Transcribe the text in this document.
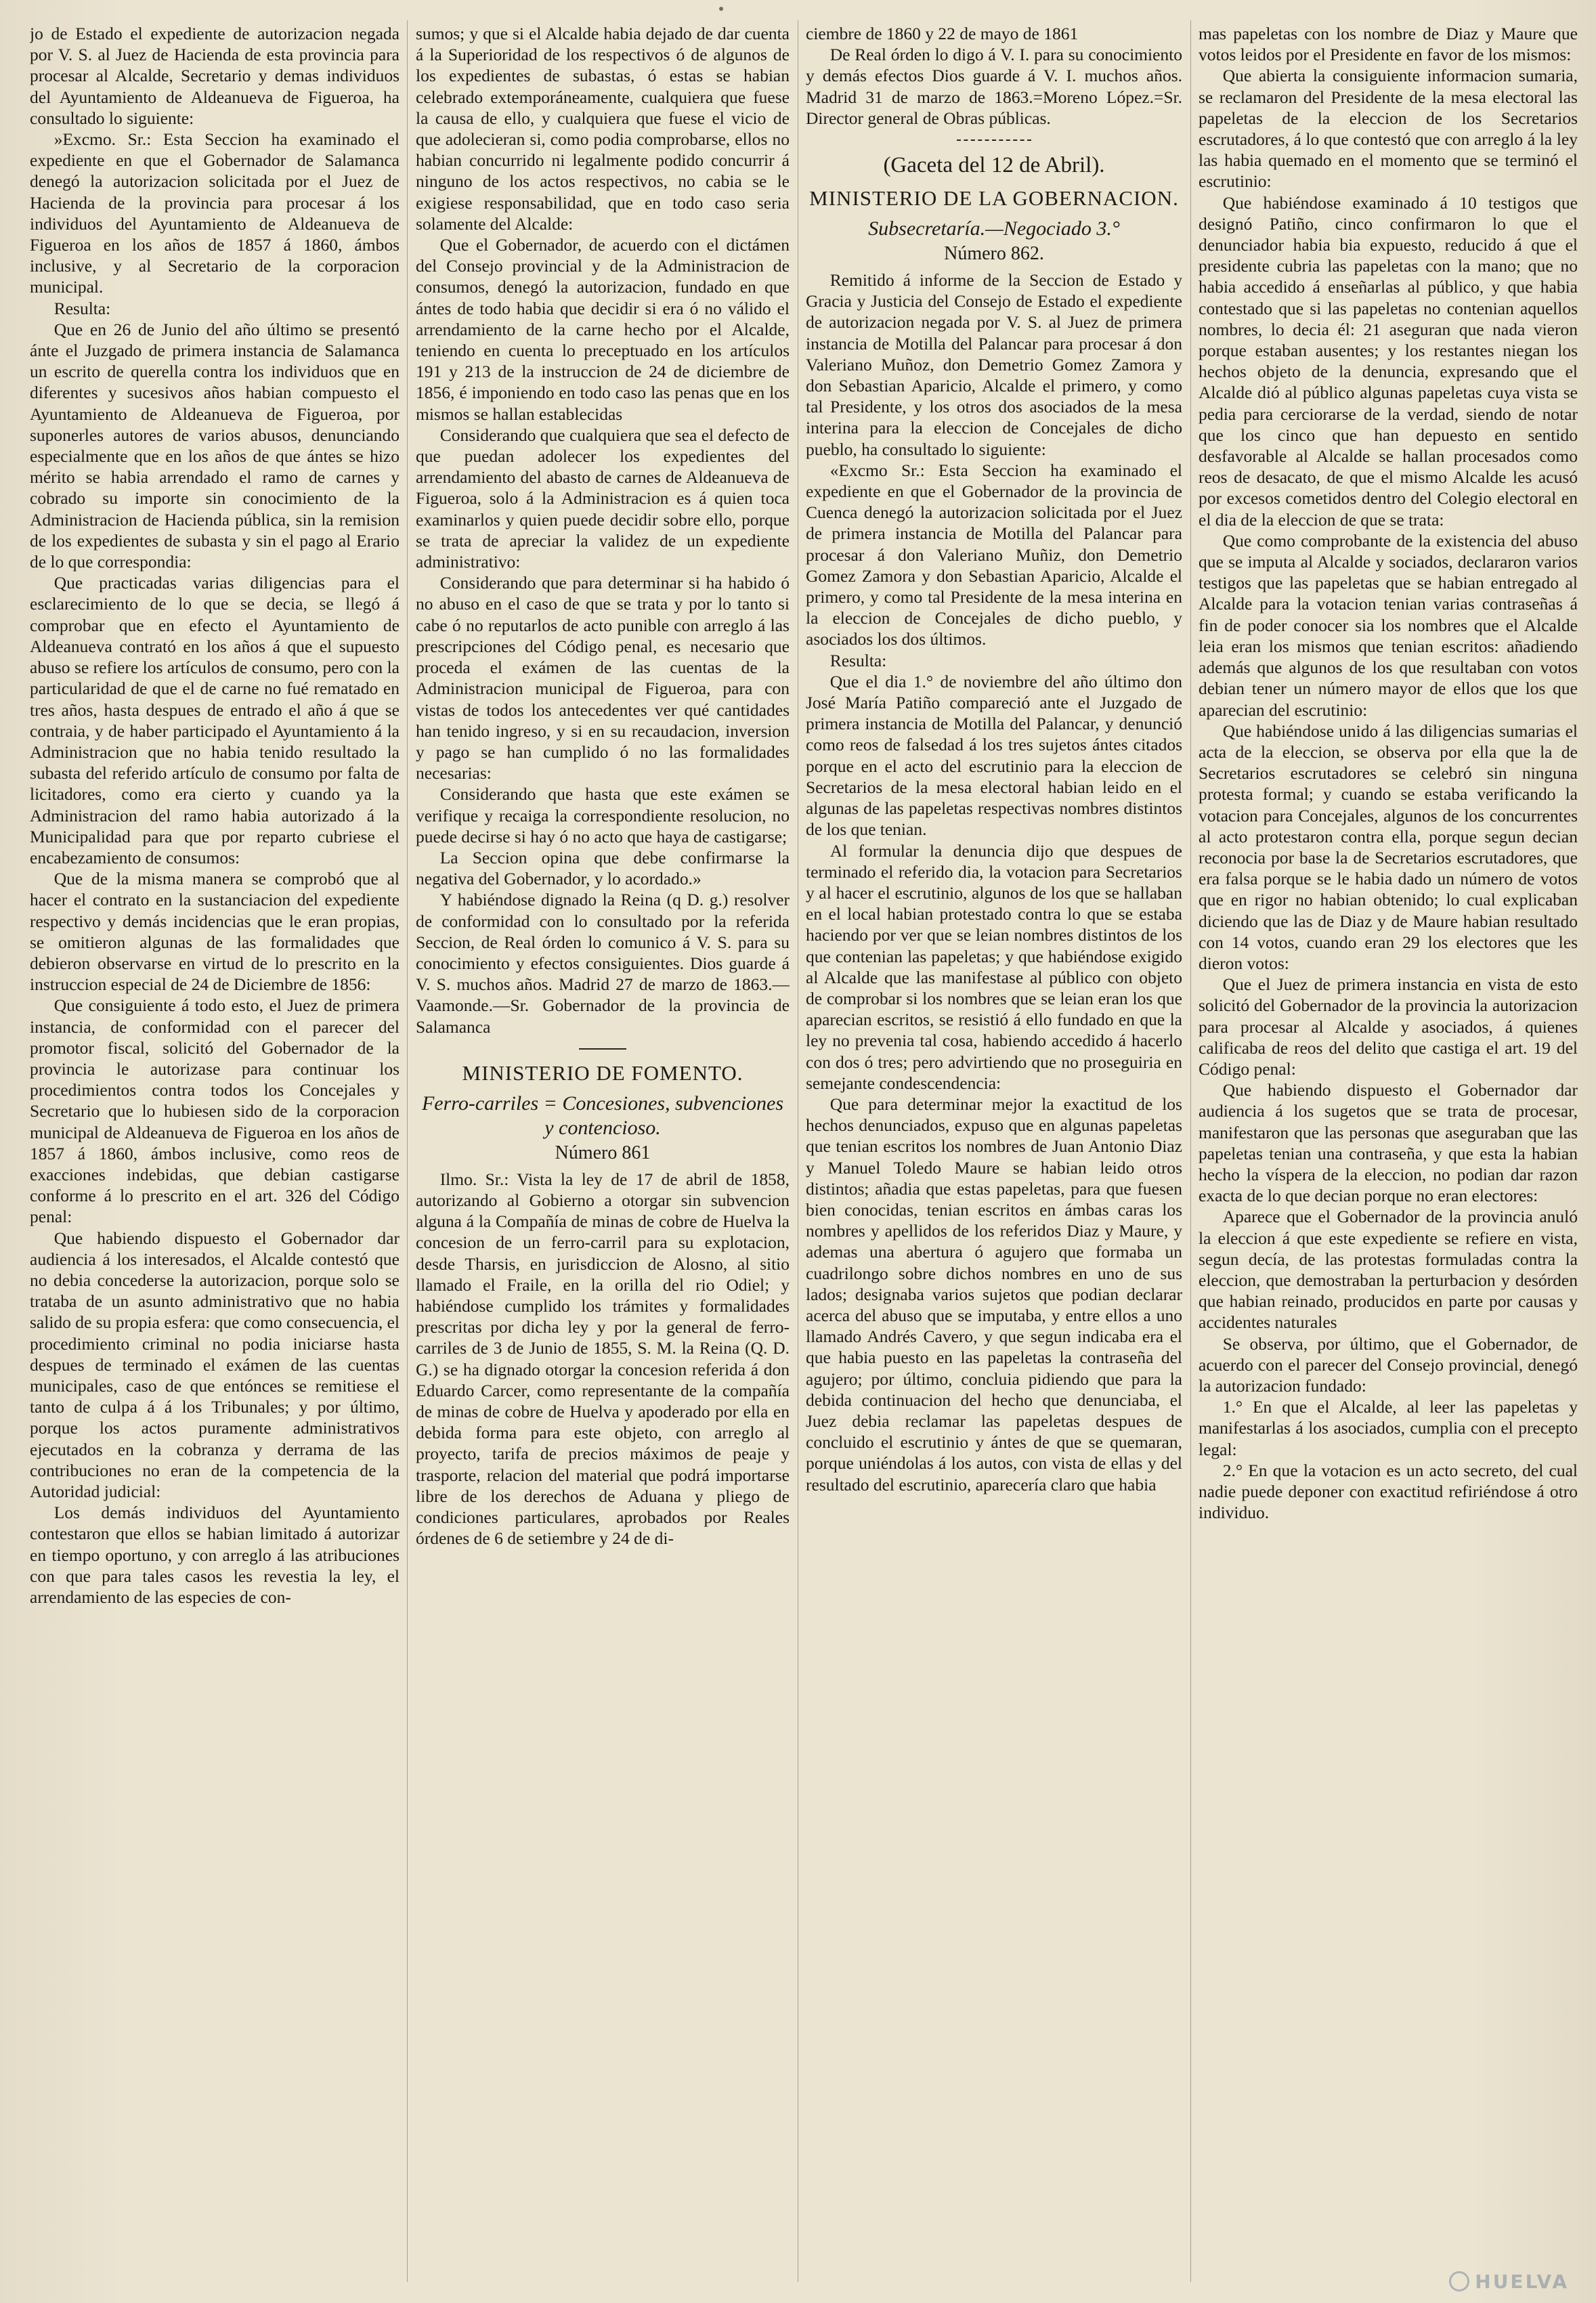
jo de Estado el expediente de autorizacion negada por V. S. al Juez de Hacienda de esta provincia para procesar al Alcalde, Secretario y demas individuos del Ayuntamiento de Aldeanueva de Figueroa, ha consultado lo siguiente:

»Excmo. Sr.: Esta Seccion ha examinado el expediente en que el Gobernador de Salamanca denegó la autorizacion solicitada por el Juez de Hacienda de la provincia para procesar á los individuos del Ayuntamiento de Aldeanueva de Figueroa en los años de 1857 á 1860, ámbos inclusive, y al Secretario de la corporacion municipal.

Resulta:

Que en 26 de Junio del año último se presentó ánte el Juzgado de primera instancia de Salamanca un escrito de querella contra los individuos que en diferentes y sucesivos años habian compuesto el Ayuntamiento de Aldeanueva de Figueroa, por suponerles autores de varios abusos, denunciando especialmente que en los años de que ántes se hizo mérito se habia arrendado el ramo de carnes y cobrado su importe sin conocimiento de la Administracion de Hacienda pública, sin la remision de los expedientes de subasta y sin el pago al Erario de lo que correspondia:

Que practicadas varias diligencias para el esclarecimiento de lo que se decia, se llegó á comprobar que en efecto el Ayuntamiento de Aldeanueva contrató en los años á que el supuesto abuso se refiere los artículos de consumo, pero con la particularidad de que el de carne no fué rematado en tres años, hasta despues de entrado el año á que se contraia, y de haber participado el Ayuntamiento á la Administracion que no habia tenido resultado la subasta del referido artículo de consumo por falta de licitadores, como era cierto y cuando ya la Administracion del ramo habia autorizado á la Municipalidad para que por reparto cubriese el encabezamiento de consumos:

Que de la misma manera se comprobó que al hacer el contrato en la sustanciacion del expediente respectivo y demás incidencias que le eran propias, se omitieron algunas de las formalidades que debieron observarse en virtud de lo prescrito en la instruccion especial de 24 de Diciembre de 1856:

Que consiguiente á todo esto, el Juez de primera instancia, de conformidad con el parecer del promotor fiscal, solicitó del Gobernador de la provincia le autorizase para continuar los procedimientos contra todos los Concejales y Secretario que lo hubiesen sido de la corporacion municipal de Aldeanueva de Figueroa en los años de 1857 á 1860, ámbos inclusive, como reos de exacciones indebidas, que debian castigarse conforme á lo prescrito en el art. 326 del Código penal:

Que habiendo dispuesto el Gobernador dar audiencia á los interesados, el Alcalde contestó que no debia concederse la autorizacion, porque solo se trataba de un asunto administrativo que no habia salido de su propia esfera: que como consecuencia, el procedimiento criminal no podia iniciarse hasta despues de terminado el exámen de las cuentas municipales, caso de que entónces se remitiese el tanto de culpa á á los Tribunales; y por último, porque los actos puramente administrativos ejecutados en la cobranza y derrama de las contribuciones no eran de la competencia de la Autoridad judicial:

Los demás individuos del Ayuntamiento contestaron que ellos se habian limitado á autorizar en tiempo oportuno, y con arreglo á las atribuciones con que para tales casos les revestia la ley, el arrendamiento de las especies de con-

sumos; y que si el Alcalde habia dejado de dar cuenta á la Superioridad de los respectivos ó de algunos de los expedientes de subastas, ó estas se habian celebrado extemporáneamente, cualquiera que fuese la causa de ello, y cualquiera que fuese el vicio de que adolecieran si, como podia comprobarse, ellos no habian concurrido ni legalmente podido concurrir á ninguno de los actos respectivos, no cabia se le exigiese responsabilidad, que en todo caso seria solamente del Alcalde:

Que el Gobernador, de acuerdo con el dictámen del Consejo provincial y de la Administracion de consumos, denegó la autorizacion, fundado en que ántes de todo habia que decidir si era ó no válido el arrendamiento de la carne hecho por el Alcalde, teniendo en cuenta lo preceptuado en los artículos 191 y 213 de la instruccion de 24 de diciembre de 1856, é imponiendo en todo caso las penas que en los mismos se hallan establecidas

Considerando que cualquiera que sea el defecto de que puedan adolecer los expedientes del arrendamiento del abasto de carnes de Aldeanueva de Figueroa, solo á la Administracion es á quien toca examinarlos y quien puede decidir sobre ello, porque se trata de apreciar la validez de un expediente administrativo:

Considerando que para determinar si ha habido ó no abuso en el caso de que se trata y por lo tanto si cabe ó no reputarlos de acto punible con arreglo á las prescripciones del Código penal, es necesario que proceda el exámen de las cuentas de la Administracion municipal de Figueroa, para con vistas de todos los antecedentes ver qué cantidades han tenido ingreso, y si en su recaudacion, inversion y pago se han cumplido ó no las formalidades necesarias:

Considerando que hasta que este exámen se verifique y recaiga la correspondiente resolucion, no puede decirse si hay ó no acto que haya de castigarse;

La Seccion opina que debe confirmarse la negativa del Gobernador, y lo acordado.»

Y habiéndose dignado la Reina (q D. g.) resolver de conformidad con lo consultado por la referida Seccion, de Real órden lo comunico á V. S. para su conocimiento y efectos consiguientes. Dios guarde á V. S. muchos años. Madrid 27 de marzo de 1863.—Vaamonde.—Sr. Gobernador de la provincia de Salamanca

MINISTERIO DE FOMENTO.

Ferro-carriles = Concesiones, subvenciones y contencioso.

Número 861

Ilmo. Sr.: Vista la ley de 17 de abril de 1858, autorizando al Gobierno a otorgar sin subvencion alguna á la Compañía de minas de cobre de Huelva la concesion de un ferro-carril para su explotacion, desde Tharsis, en jurisdiccion de Alosno, al sitio llamado el Fraile, en la orilla del rio Odiel; y habiéndose cumplido los trámites y formalidades prescritas por dicha ley y por la general de ferro-carriles de 3 de Junio de 1855, S. M. la Reina (Q. D. G.) se ha dignado otorgar la concesion referida á don Eduardo Carcer, como representante de la compañía de minas de cobre de Huelva y apoderado por ella en debida forma para este objeto, con arreglo al proyecto, tarifa de precios máximos de peaje y trasporte, relacion del material que podrá importarse libre de los derechos de Aduana y pliego de condiciones particulares, aprobados por Reales órdenes de 6 de setiembre y 24 de di-

ciembre de 1860 y 22 de mayo de 1861

De Real órden lo digo á V. I. para su conocimiento y demás efectos Dios guarde á V. I. muchos años. Madrid 31 de marzo de 1863.=Moreno López.=Sr. Director general de Obras públicas.

(Gaceta del 12 de Abril).

MINISTERIO DE LA GOBERNACION.

Subsecretaría.—Negociado 3.°

Número 862.

Remitido á informe de la Seccion de Estado y Gracia y Justicia del Consejo de Estado el expediente de autorizacion negada por V. S. al Juez de primera instancia de Motilla del Palancar para procesar á don Valeriano Muñoz, don Demetrio Gomez Zamora y don Sebastian Aparicio, Alcalde el primero, y como tal Presidente, y los otros dos asociados de la mesa interina para la eleccion de Concejales de dicho pueblo, ha consultado lo siguiente:

«Excmo Sr.: Esta Seccion ha examinado el expediente en que el Gobernador de la provincia de Cuenca denegó la autorizacion solicitada por el Juez de primera instancia de Motilla del Palancar para procesar á don Valeriano Muñiz, don Demetrio Gomez Zamora y don Sebastian Aparicio, Alcalde el primero, y como tal Presidente de la mesa interina en la eleccion de Concejales de dicho pueblo, y asociados los dos últimos.

Resulta:

Que el dia 1.° de noviembre del año último don José María Patiño compareció ante el Juzgado de primera instancia de Motilla del Palancar, y denunció como reos de falsedad á los tres sujetos ántes citados porque en el acto del escrutinio para la eleccion de Secretarios de la mesa electoral habian leido en el algunas de las papeletas respectivas nombres distintos de los que tenian.

Al formular la denuncia dijo que despues de terminado el referido dia, la votacion para Secretarios y al hacer el escrutinio, algunos de los que se hallaban en el local habian protestado contra lo que se estaba haciendo por ver que se leian nombres distintos de los que contenian las papeletas; y que habiéndose exigido al Alcalde que las manifestase al público con objeto de comprobar si los nombres que se leian eran los que aparecian escritos, se resistió á ello fundado en que la ley no prevenia tal cosa, habiendo accedido á hacerlo con dos ó tres; pero advirtiendo que no proseguiria en semejante condescendencia:

Que para determinar mejor la exactitud de los hechos denunciados, expuso que en algunas papeletas que tenian escritos los nombres de Juan Antonio Diaz y Manuel Toledo Maure se habian leido otros distintos; añadia que estas papeletas, para que fuesen bien conocidas, tenian escritos en ámbas caras los nombres y apellidos de los referidos Diaz y Maure, y ademas una abertura ó agujero que formaba un cuadrilongo sobre dichos nombres en uno de sus lados; designaba varios sujetos que podian declarar acerca del abuso que se imputaba, y entre ellos a uno llamado Andrés Cavero, y que segun indicaba era el que habia puesto en las papeletas la contraseña del agujero; por último, concluia pidiendo que para la debida continuacion del hecho que denunciaba, el Juez debia reclamar las papeletas despues de concluido el escrutinio y ántes de que se quemaran, porque uniéndolas á los autos, con vista de ellas y del resultado del escrutinio, aparecería claro que habia

mas papeletas con los nombre de Diaz y Maure que votos leidos por el Presidente en favor de los mismos:

Que abierta la consiguiente informacion sumaria, se reclamaron del Presidente de la mesa electoral las papeletas de la eleccion de los Secretarios escrutadores, á lo que contestó que con arreglo á la ley las habia quemado en el momento que se terminó el escrutinio:

Que habiéndose examinado á 10 testigos que designó Patiño, cinco confirmaron lo que el denunciador habia bia expuesto, reducido á que el presidente cubria las papeletas con la mano; que no habia accedido á enseñarlas al público, y que habia contestado que si las papeletas no contenian aquellos nombres, lo decia él: 21 aseguran que nada vieron porque estaban ausentes; y los restantes niegan los hechos objeto de la denuncia, expresando que el Alcalde dió al público algunas papeletas cuya vista se pedia para cerciorarse de la verdad, siendo de notar que los cinco que han depuesto en sentido desfavorable al Alcalde se hallan procesados como reos de desacato, de que el mismo Alcalde les acusó por excesos cometidos dentro del Colegio electoral en el dia de la eleccion de que se trata:

Que como comprobante de la existencia del abuso que se imputa al Alcalde y sociados, declararon varios testigos que las papeletas que se habian entregado al Alcalde para la votacion tenian varias contraseñas á fin de poder conocer sia los nombres que el Alcalde leia eran los mismos que tenian escritos: añadiendo además que algunos de los que resultaban con votos debian tener un número mayor de ellos que los que aparecian del escrutinio:

Que habiéndose unido á las diligencias sumarias el acta de la eleccion, se observa por ella que la de Secretarios escrutadores se celebró sin ninguna protesta formal; y cuando se estaba verificando la votacion para Concejales, algunos de los concurrentes al acto protestaron contra ella, porque segun decian reconocia por base la de Secretarios escrutadores, que era falsa porque se le habia dado un número de votos que en rigor no habian obtenido; lo cual explicaban diciendo que las de Diaz y de Maure habian resultado con 14 votos, cuando eran 29 los electores que les dieron votos:

Que el Juez de primera instancia en vista de esto solicitó del Gobernador de la provincia la autorizacion para procesar al Alcalde y asociados, á quienes calificaba de reos del delito que castiga el art. 19 del Código penal:

Que habiendo dispuesto el Gobernador dar audiencia á los sugetos que se trata de procesar, manifestaron que las personas que aseguraban que las papeletas tenian una contraseña, y que esta la habian hecho la víspera de la eleccion, no podian dar razon exacta de lo que decian porque no eran electores:

Aparece que el Gobernador de la provincia anuló la eleccion á que este expediente se refiere en vista, segun decía, de las protestas formuladas contra la eleccion, que demostraban la perturbacion y desórden que habian reinado, producidos en parte por causas y accidentes naturales

Se observa, por último, que el Gobernador, de acuerdo con el parecer del Consejo provincial, denegó la autorizacion fundado:

1.° En que el Alcalde, al leer las papeletas y manifestarlas á los asociados, cumplia con el precepto legal:

2.° En que la votacion es un acto secreto, del cual nadie puede deponer con exactitud refiriéndose á otro individuo.

HUELVA
